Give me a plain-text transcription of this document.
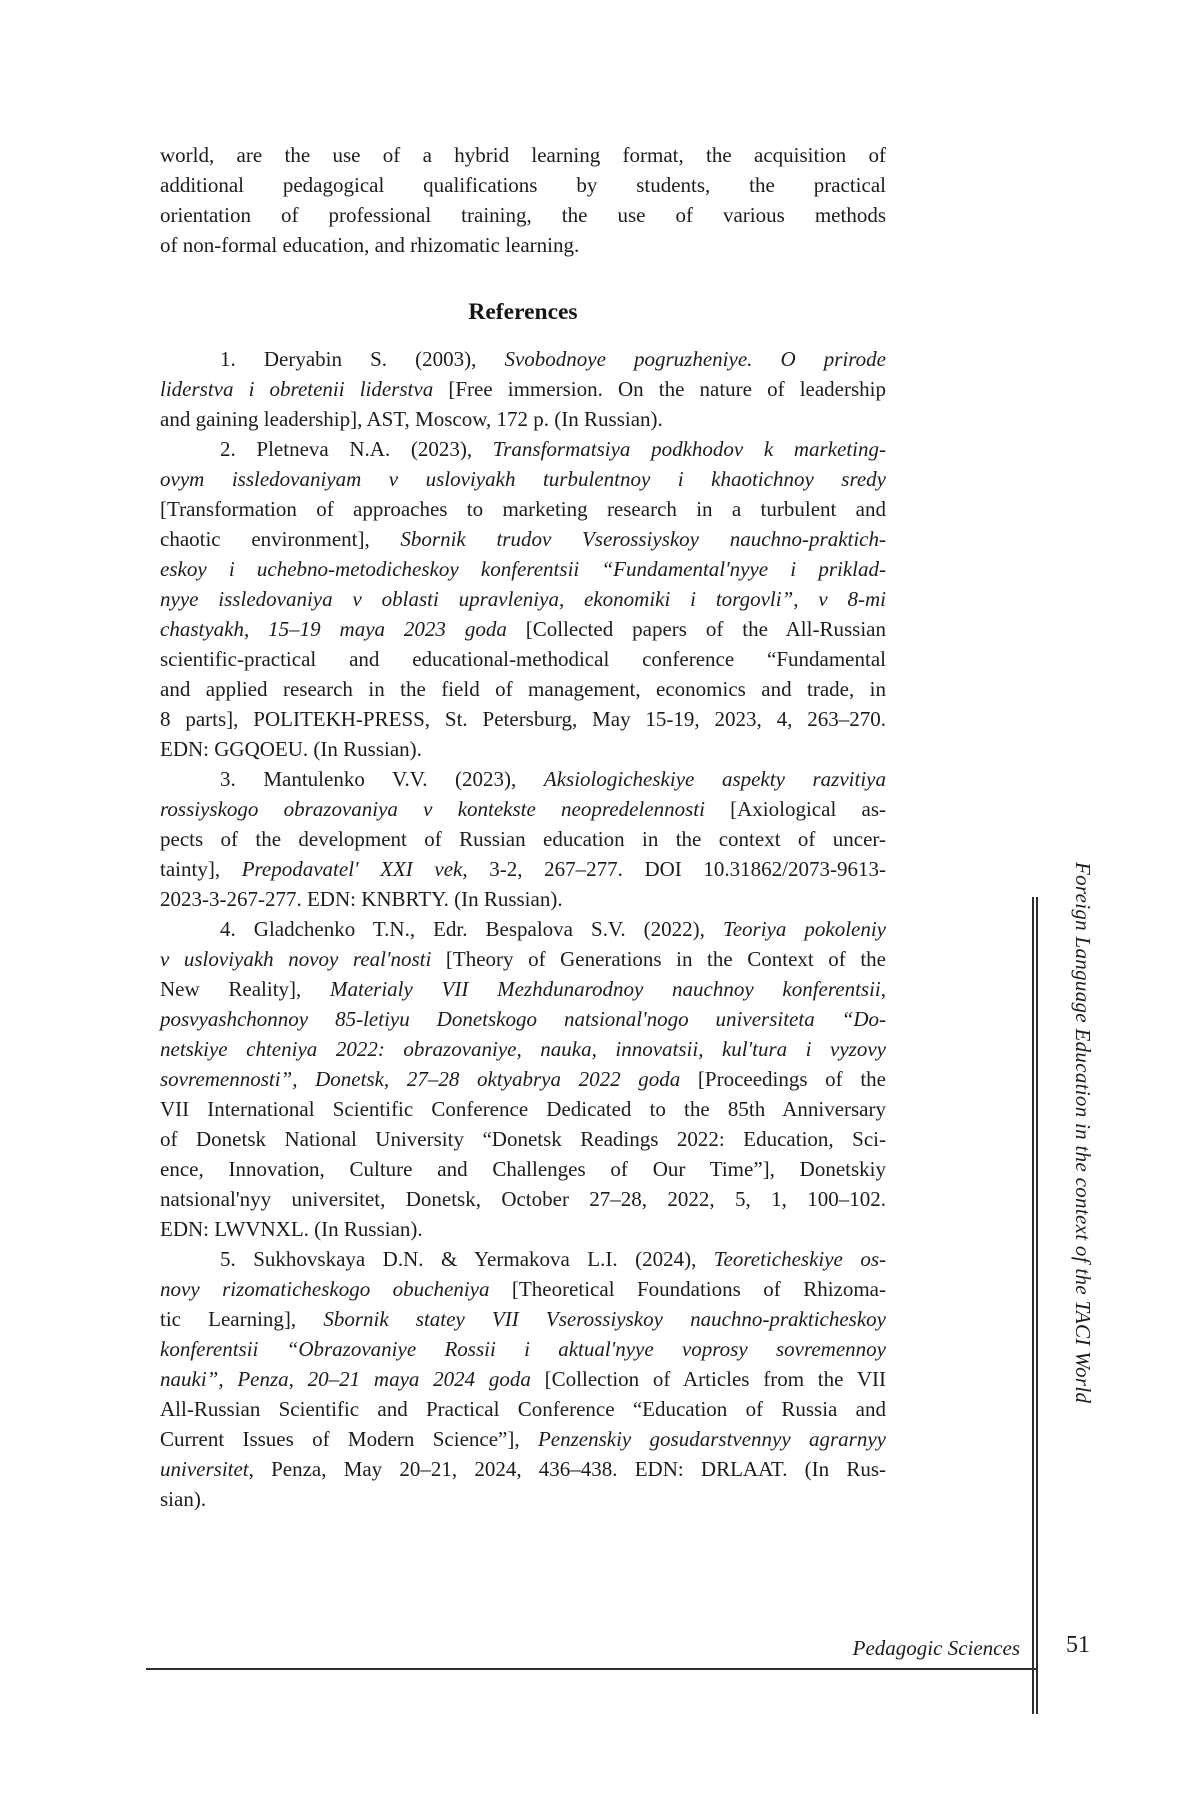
world, are the use of a hybrid learning format, the acquisition of
additional pedagogical qualifications by students, the practical
orientation of professional training, the use of various methods
of non-formal education, and rhizomatic learning.
References
1. Deryabin S. (2003), Svobodnoye pogruzheniye. O prirode
liderstva i obretenii liderstva [Free immersion. On the nature of leadership
and gaining leadership], AST, Moscow, 172 p. (In Russian).
2. Pletneva N.A. (2023), Transformatsiya podkhodov k marketing-
ovym issledovaniyam v usloviyakh turbulentnoy i khaotichnoy sredy
[Transformation of approaches to marketing research in a turbulent and
chaotic environment], Sbornik trudov Vserossiyskoy nauchno-praktich-
eskoy i uchebno-metodicheskoy konferentsii “Fundamental'nyye i priklad-
nyye issledovaniya v oblasti upravleniya, ekonomiki i torgovli”, v 8-mi
chastyakh, 15–19 maya 2023 goda [Collected papers of the All-Russian
scientific-practical and educational-methodical conference “Fundamental
and applied research in the field of management, economics and trade, in
8 parts], POLITEKH-PRESS, St. Petersburg, May 15-19, 2023, 4, 263–270.
EDN: GGQOEU. (In Russian).
3. Mantulenko V.V. (2023), Aksiologicheskiye aspekty razvitiya
rossiyskogo obrazovaniya v kontekste neopredelennosti [Axiological as-
pects of the development of Russian education in the context of uncer-
tainty], Prepodavatel' XXI vek, 3-2, 267–277. DOI 10.31862/2073-9613-
2023-3-267-277. EDN: KNBRTY. (In Russian).
4. Gladchenko T.N., Edr. Bespalova S.V. (2022), Teoriya pokoleniy
v usloviyakh novoy real'nosti [Theory of Generations in the Context of the
New Reality], Materialy VII Mezhdunarodnoy nauchnoy konferentsii,
posvyashchonnoy 85-letiyu Donetskogo natsional'nogo universiteta “Do-
netskiye chteniya 2022: obrazovaniye, nauka, innovatsii, kul'tura i vyzovy
sovremennosti”, Donetsk, 27–28 oktyabrya 2022 goda [Proceedings of the
VII International Scientific Conference Dedicated to the 85th Anniversary
of Donetsk National University “Donetsk Readings 2022: Education, Sci-
ence, Innovation, Culture and Challenges of Our Time”], Donetskiy
natsional'nyy universitet, Donetsk, October 27–28, 2022, 5, 1, 100–102.
EDN: LWVNXL. (In Russian).
5. Sukhovskaya D.N. & Yermakova L.I. (2024), Teoreticheskiye os-
novy rizomaticheskogo obucheniya [Theoretical Foundations of Rhizoma-
tic Learning], Sbornik statey VII Vserossiyskoy nauchno-prakticheskoy
konferentsii “Obrazovaniye Rossii i aktual'nyye voprosy sovremennoy
nauki”, Penza, 20–21 maya 2024 goda [Collection of Articles from the VII
All-Russian Scientific and Practical Conference “Education of Russia and
Current Issues of Modern Science”], Penzenskiy gosudarstvennyy agrarnyy
universitet, Penza, May 20–21, 2024, 436–438. EDN: DRLAAT. (In Rus-
sian).
Foreign Language Education in the context of the TACI World
Pedagogic Sciences	51
